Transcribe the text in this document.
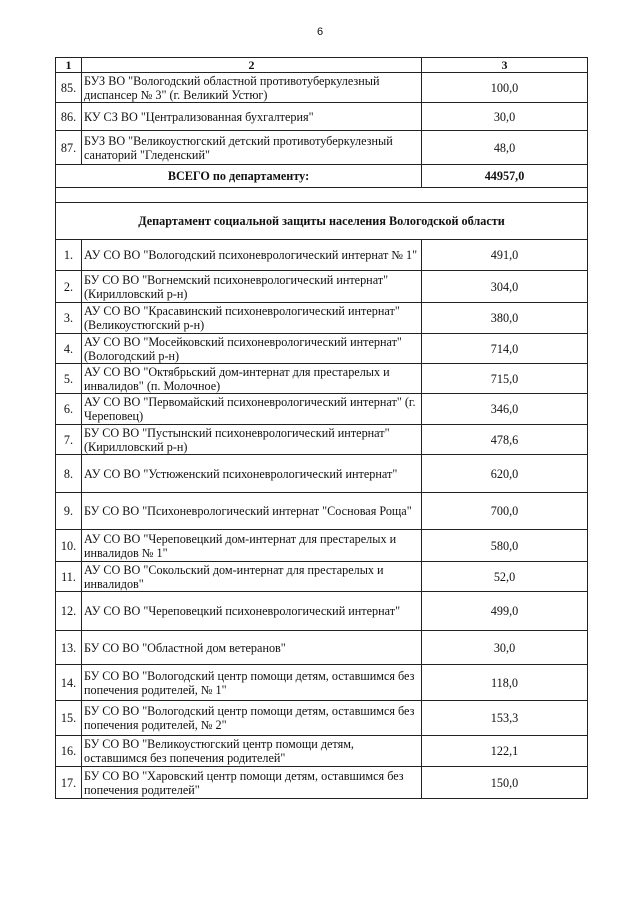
6
1	2	3
85.	БУЗ ВО "Вологодский областной противотуберкулезный диспансер № 3" (г. Великий Устюг)	100,0
86.	КУ СЗ ВО "Централизованная бухгалтерия"	30,0
87.	БУЗ ВО "Великоустюгский детский противотуберкулезный санаторий "Гледенский"	48,0
ВСЕГО по департаменту:		44957,0

Департамент социальной защиты населения Вологодской области		
1.	АУ СО ВО "Вологодский психоневрологический интернат № 1"	491,0
2.	БУ СО ВО "Вогнемский психоневрологический интернат" (Кирилловский р-н)	304,0
3.	АУ СО ВО "Красавинский психоневрологический интернат" (Великоустюгский р-н)	380,0
4.	АУ СО ВО "Мосейковский психоневрологический интернат" (Вологодский р-н)	714,0
5.	АУ СО ВО "Октябрьский дом-интернат для престарелых и инвалидов" (п. Молочное)	715,0
6.	АУ СО ВО "Первомайский психоневрологический интернат" (г. Череповец)	346,0
7.	БУ СО ВО "Пустынский психоневрологический интернат" (Кирилловский р-н)	478,6
8.	АУ СО ВО "Устюженский психоневрологический интернат"	620,0
9.	БУ СО ВО "Психоневрологический интернат "Сосновая Роща"	700,0
10.	АУ СО ВО "Череповецкий дом-интернат для престарелых и инвалидов № 1"	580,0
11.	АУ СО ВО "Сокольский дом-интернат для престарелых и инвалидов"	52,0
12.	АУ СО ВО "Череповецкий психоневрологический интернат"	499,0
13.	БУ СО ВО "Областной дом ветеранов"	30,0
14.	БУ СО ВО "Вологодский центр помощи детям, оставшимся без попечения родителей, № 1"	118,0
15.	БУ СО ВО "Вологодский центр помощи детям, оставшимся без попечения родителей, № 2"	153,3
16.	БУ СО ВО "Великоустюгский центр помощи детям, оставшимся без попечения родителей"	122,1
17.	БУ СО ВО "Харовский центр помощи детям, оставшимся без попечения родителей"	150,0
